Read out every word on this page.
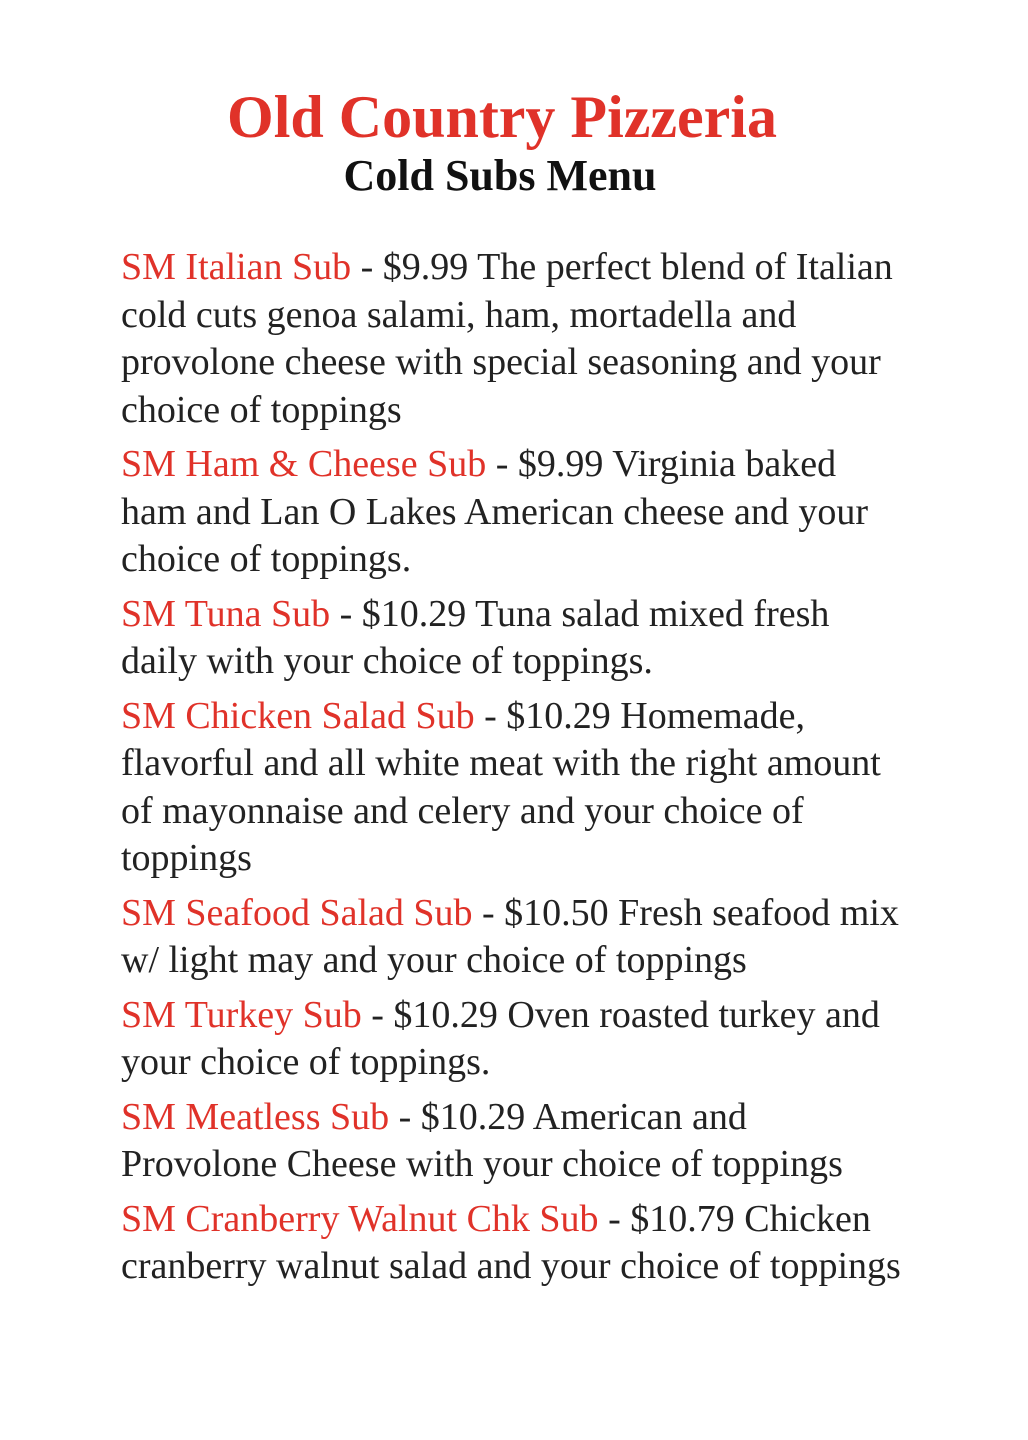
Old Country Pizzeria
Cold Subs Menu
SM Italian Sub - $9.99 The perfect blend of Italian cold cuts genoa salami, ham, mortadella and provolone cheese with special seasoning and your choice of toppings
SM Ham & Cheese Sub - $9.99 Virginia baked ham and Lan O Lakes American cheese and your choice of toppings.
SM Tuna Sub - $10.29 Tuna salad mixed fresh daily with your choice of toppings.
SM Chicken Salad Sub - $10.29 Homemade, flavorful and all white meat with the right amount of mayonnaise and celery and your choice of toppings
SM Seafood Salad Sub - $10.50 Fresh seafood mix w/ light may and your choice of toppings
SM Turkey Sub - $10.29 Oven roasted turkey and your choice of toppings.
SM Meatless Sub - $10.29 American and Provolone Cheese with your choice of toppings
SM Cranberry Walnut Chk Sub - $10.79 Chicken cranberry walnut salad and your choice of toppings
